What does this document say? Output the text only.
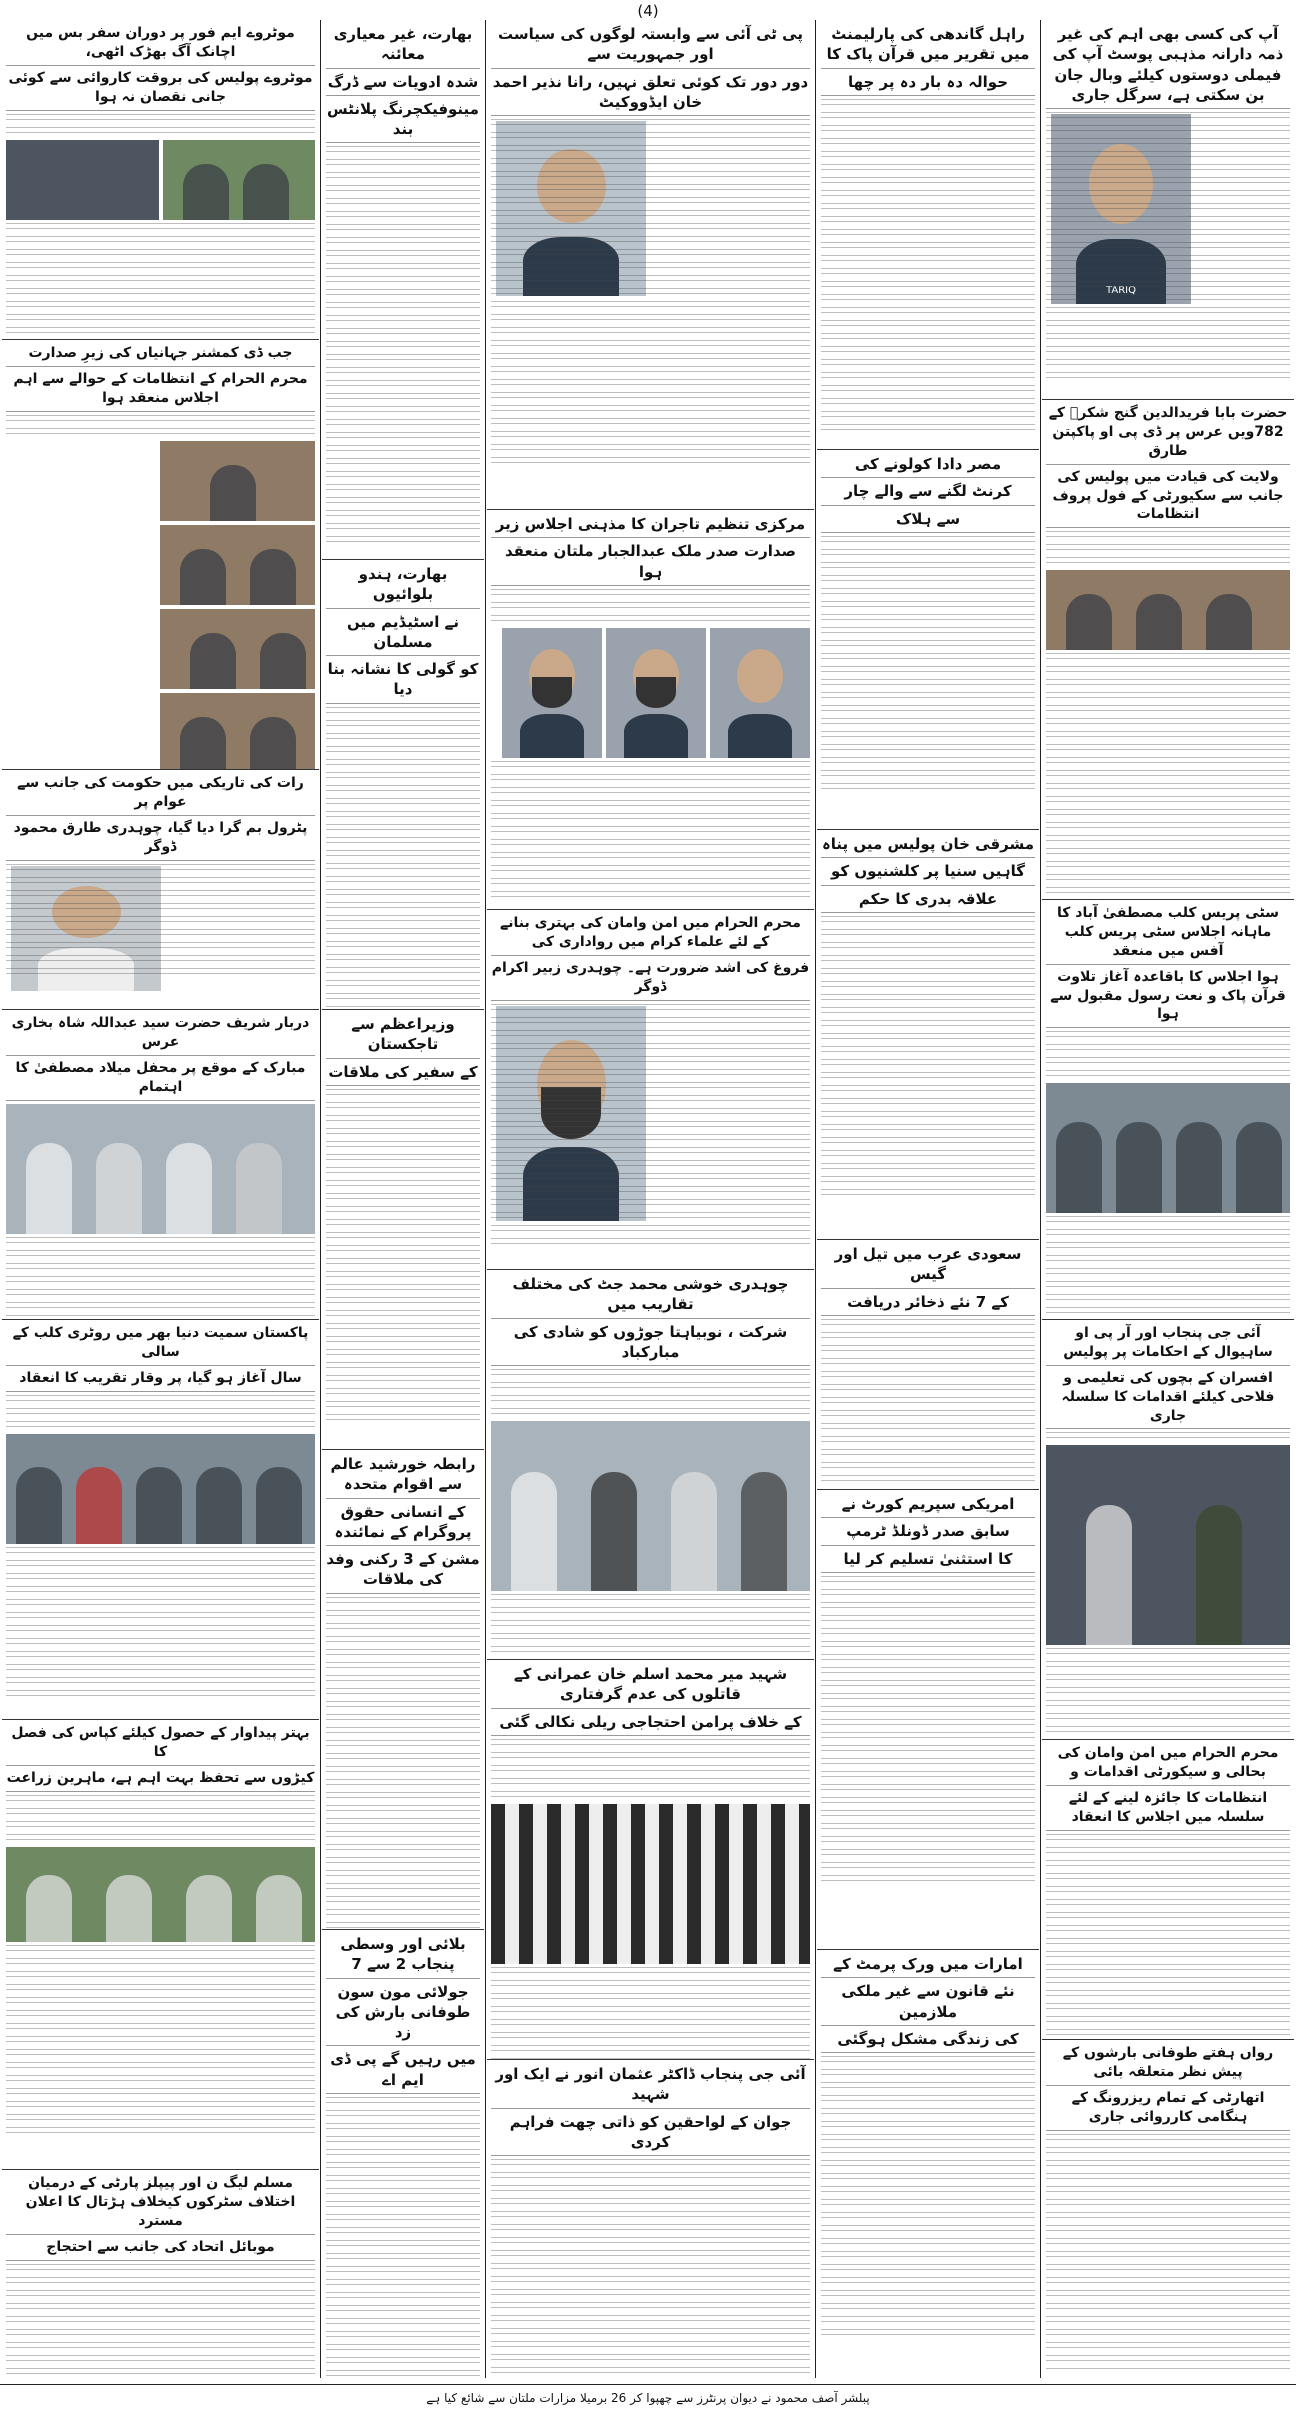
(4)
آپ کی کسی بھی اہم کی غیر ذمہ دارانہ مذہبی پوسٹ آپ کی فیملی دوستوں کیلئے وبال جان بن سکتی ہے، سرگل جاری
TARIQ
حضرت بابا فریدالدین گنج شکرؒ کے 782ویں عرس پر ڈی پی او پاکپتن طارق
ولایت کی قیادت میں پولیس کی جانب سے سکیورٹی کے فول پروف انتظامات
سٹی پریس کلب مصطفیٰ آباد کا ماہانہ اجلاس سٹی پریس کلب آفس میں منعقد
ہوا اجلاس کا باقاعدہ آغاز تلاوت قرآن پاک و نعت رسول مقبول سے ہوا
آئی جی پنجاب اور آر پی او ساہیوال کے احکامات پر پولیس
افسران کے بچوں کی تعلیمی و فلاحی کیلئے اقدامات کا سلسلہ جاری
محرم الحرام میں امن وامان کی بحالی و سیکورٹی اقدامات و
انتظامات کا جائزہ لینے کے لئے سلسلہ میں اجلاس کا انعقاد
رواں ہفتے طوفانی بارشوں کے پیش نظر متعلقہ بائی
اتھارٹی کے تمام ریزرونگ کے ہنگامی کارروائی جاری
راہل گاندھی کی پارلیمنٹ میں تقریر میں قرآن پاک کا
حوالہ دہ بار دہ پر چھا
مصر دادا کولونے کی
کرنٹ لگنے سے والے چار
سے ہلاک
مشرقی خان پولیس میں پناہ
گاہیں سنیا پر کلشنیوں کو
علاقہ بدری کا حکم
سعودی عرب میں تیل اور گیس
کے 7 نئے ذخائر دریافت
امریکی سپریم کورٹ نے
سابق صدر ڈونلڈ ٹرمپ
کا استثنیٰ تسلیم کر لیا
امارات میں ورک پرمٹ کے
نئے قانون سے غیر ملکی ملازمین
کی زندگی مشکل ہوگئی
پی ٹی آئی سے وابستہ لوگوں کی سیاست اور جمہوریت سے
دور دور تک کوئی تعلق نہیں، رانا نذیر احمد خان ایڈووکیٹ
مرکزی تنظیم تاجران کا مذہنی اجلاس زیر
صدارت صدر ملک عبدالجبار ملتان منعقد ہوا
محرم الحرام میں امن وامان کی بہتری بنانے کے لئے علماء کرام میں رواداری کی
فروغ کی اشد ضرورت ہے۔ چوہدری زبیر اکرام ڈوگر
چوہدری خوشی محمد جٹ کی مختلف تقاریب میں
شرکت ، نوبیاہتا جوڑوں کو شادی کی مبارکباد
شہید میر محمد اسلم خان عمرانی کے قاتلوں کی عدم گرفتاری
کے خلاف پرامن احتجاجی ریلی نکالی گئی
آئی جی پنجاب ڈاکٹر عثمان انور نے ایک اور شہید
جوان کے لواحقین کو ذاتی چھت فراہم کردی
بھارت، غیر معیاری معائنہ
شدہ ادویات سے ڈرگ
مینوفیکچرنگ پلانٹس بند
بھارت، ہندو بلوائیوں
نے اسٹیڈیم میں مسلمان
کو گولی کا نشانہ بنا دیا
وزیراعظم سے تاجکستان
کے سفیر کی ملاقات
رابطہ خورشید عالم سے اقوام متحدہ
کے انسانی حقوق پروگرام کے نمائندہ
مشن کے 3 رکنی وفد کی ملاقات
بلائی اور وسطی پنجاب 2 سے 7
جولائی مون سون طوفانی بارش کی زد
میں رہیں گے پی ڈی ایم اے
موٹروے ایم فور پر دوران سفر بس میں اچانک آگ بھڑک اٹھی،
موٹروے پولیس کی بروقت کاروائی سے کوئی جانی نقصان نہ ہوا
جب ڈی کمشنر جہانیاں کی زیرِ صدارت
محرم الحرام کے انتظامات کے حوالے سے اہم اجلاس منعقد ہوا
رات کی تاریکی میں حکومت کی جانب سے عوام پر
پٹرول بم گرا دیا گیا، چوہدری طارق محمود ڈوگر
دربار شریف حضرت سید عبداللہ شاہ بخاری عرس
مبارک کے موقع پر محفل میلاد مصطفیٰ کا اہتمام
پاکستان سمیت دنیا بھر میں روٹری کلب کے سالی
سال آغاز ہو گیا، پر وقار تقریب کا انعقاد
بہتر پیداوار کے حصول کیلئے کپاس کی فصل کا
کیڑوں سے تحفظ بہت اہم ہے، ماہرین زراعت
مسلم لیگ ن اور پیپلز پارٹی کے درمیان اختلاف سٹرکوں کیخلاف ہڑتال کا اعلان مسترد
موبائل اتحاد کی جانب سے احتجاج
پبلشر آصف محمود نے دیوان پرنٹرز سے چھپوا کر 26 برمیلا مزارات ملتان سے شائع کیا ہے
